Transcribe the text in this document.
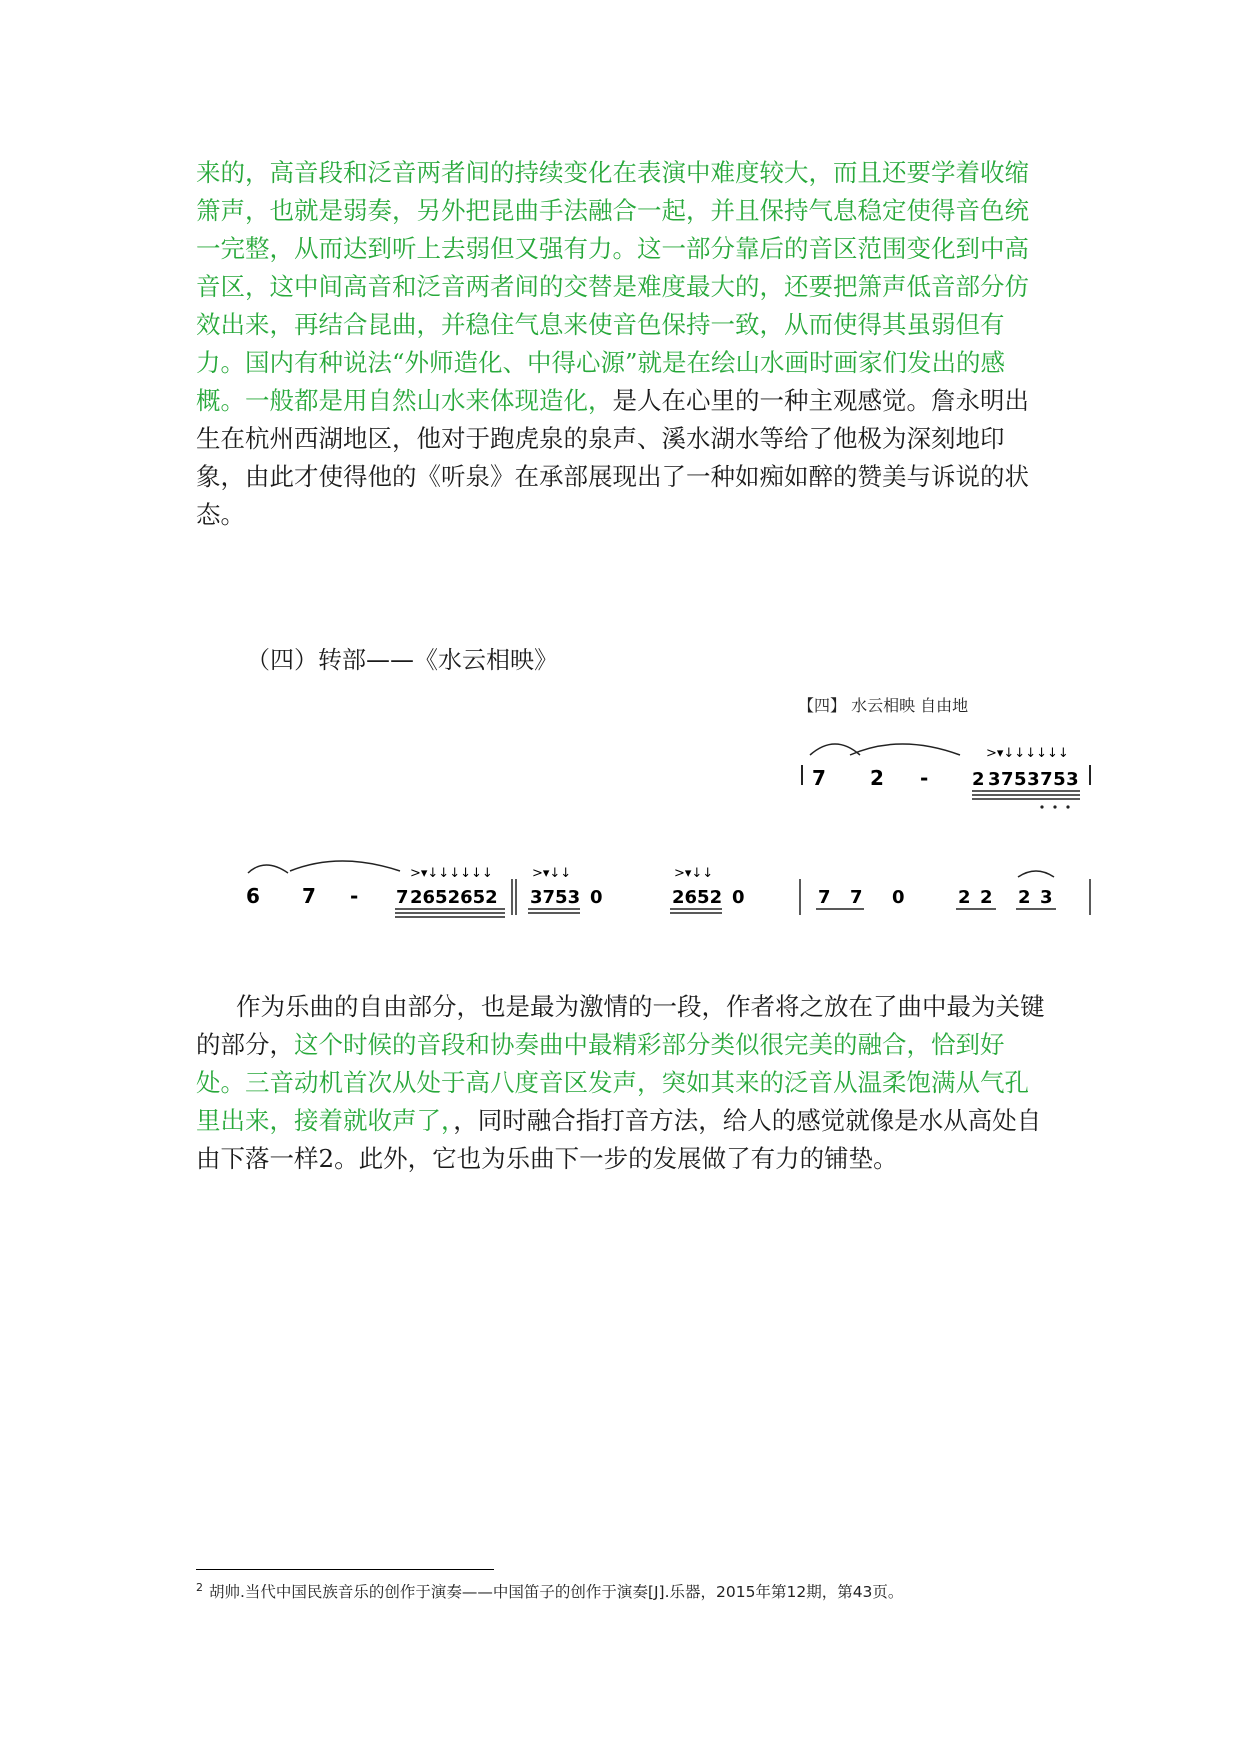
来的，高音段和泛音两者间的持续变化在表演中难度较大，而且还要学着收缩箫声，也就是弱奏，另外把昆曲手法融合一起，并且保持气息稳定使得音色统一完整，从而达到听上去弱但又强有力。这一部分靠后的音区范围变化到中高音区，这中间高音和泛音两者间的交替是难度最大的，还要把箫声低音部分仿效出来，再结合昆曲，并稳住气息来使音色保持一致，从而使得其虽弱但有力。国内有种说法“外师造化、中得心源”就是在绘山水画时画家们发出的感概。一般都是用自然山水来体现造化，是人在心里的一种主观感觉。詹永明出生在杭州西湖地区，他对于跑虎泉的泉声、溪水湖水等给了他极为深刻地印象，由此才使得他的《听泉》在承部展现出了一种如痴如醉的赞美与诉说的状态。
（四）转部——《水云相映》
【四】 水云相映 自由地
7 2 - 2 3753753
>▾↓↓↓↓↓↓
6 7 - 7 2652652
>▾↓↓↓↓↓↓
3753 0
>▾↓↓
2652 0
>▾↓↓
7 7 0	2 2 2 3
作为乐曲的自由部分，也是最为激情的一段，作者将之放在了曲中最为关键的部分，这个时候的音段和协奏曲中最精彩部分类似很完美的融合，恰到好处。三音动机首次从处于高八度音区发声，突如其来的泛音从温柔饱满从气孔里出来，接着就收声了，，同时融合指打音方法，给人的感觉就像是水从高处自由下落一样2。此外，它也为乐曲下一步的发展做了有力的铺垫。
$^2$ 胡帅.当代中国民族音乐的创作于演奏——中国笛子的创作于演奏[J].乐器，2015年第12期，第43页。
